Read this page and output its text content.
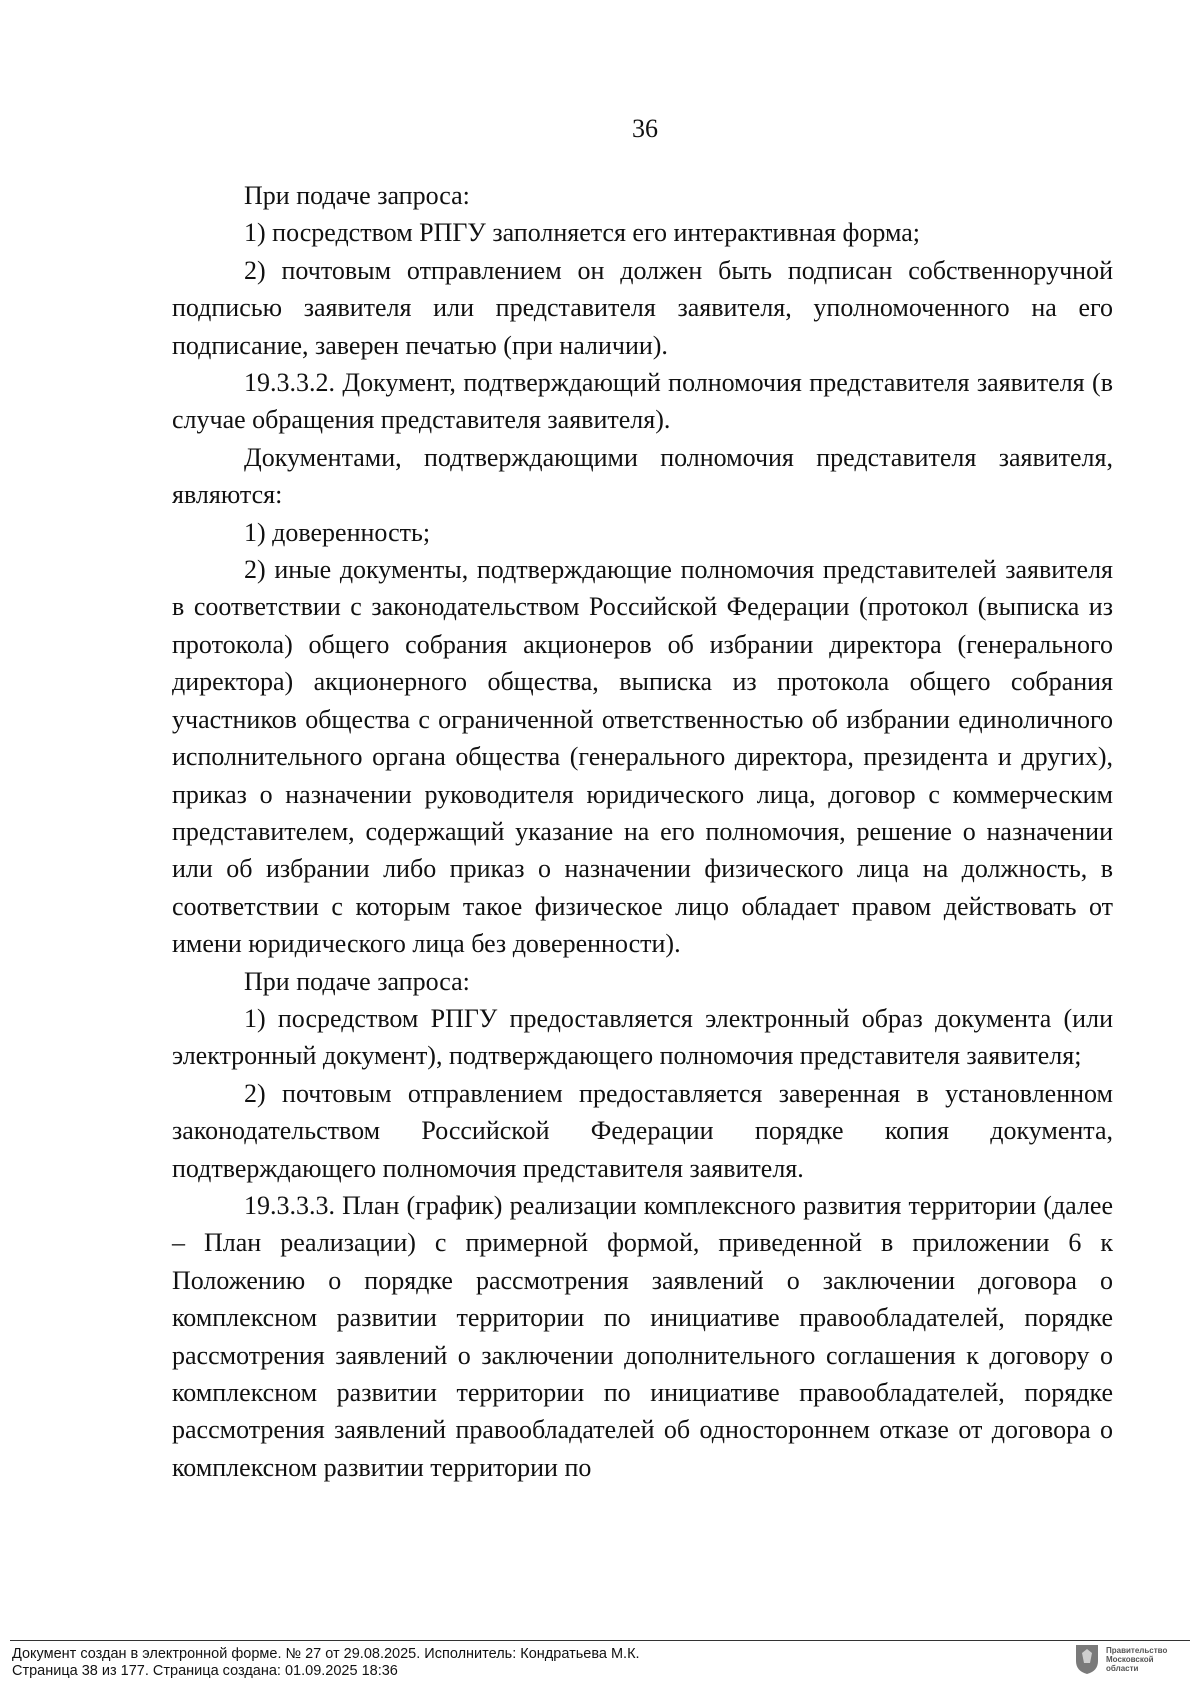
36

При подаче запроса:

1) посредством РПГУ заполняется его интерактивная форма;

2) почтовым отправлением он должен быть подписан собственноручной подписью заявителя или представителя заявителя, уполномоченного на его подписание, заверен печатью (при наличии).

19.3.3.2. Документ, подтверждающий полномочия представителя заявителя (в случае обращения представителя заявителя).

Документами, подтверждающими полномочия представителя заявителя, являются:

1) доверенность;

2) иные документы, подтверждающие полномочия представителей заявителя в соответствии с законодательством Российской Федерации (протокол (выписка из протокола) общего собрания акционеров об избрании директора (генерального директора) акционерного общества, выписка из протокола общего собрания участников общества с ограниченной ответственностью об избрании единоличного исполнительного органа общества (генерального директора, президента и других), приказ о назначении руководителя юридического лица, договор с коммерческим представителем, содержащий указание на его полномочия, решение о назначении или об избрании либо приказ о назначении физического лица на должность, в соответствии с которым такое физическое лицо обладает правом действовать от имени юридического лица без доверенности).

При подаче запроса:

1) посредством РПГУ предоставляется электронный образ документа (или электронный документ), подтверждающего полномочия представителя заявителя;

2) почтовым отправлением предоставляется заверенная в установленном законодательством Российской Федерации порядке копия документа, подтверждающего полномочия представителя заявителя.

19.3.3.3. План (график) реализации комплексного развития территории (далее – План реализации) с примерной формой, приведенной в приложении 6 к Положению о порядке рассмотрения заявлений о заключении договора о комплексном развитии территории по инициативе правообладателей, порядке рассмотрения заявлений о заключении дополнительного соглашения к договору о комплексном развитии территории по инициативе правообладателей, порядке рассмотрения заявлений правообладателей об одностороннем отказе от договора о комплексном развитии территории по

Документ создан в электронной форме. № 27 от 29.08.2025. Исполнитель: Кондратьева М.К.
Страница 38 из 177. Страница создана: 01.09.2025 18:36
Правительство Московской области
